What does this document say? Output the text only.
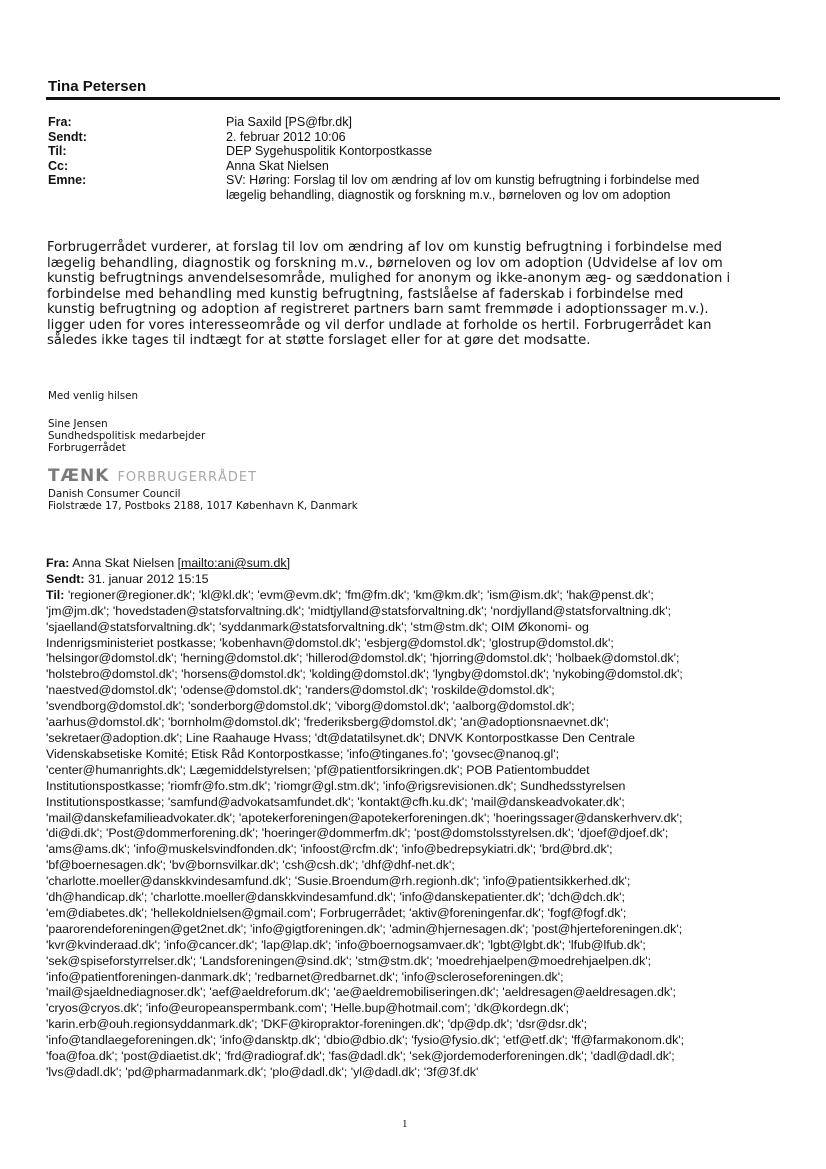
Tina Petersen
Fra:	Pia Saxild [PS@fbr.dk]
Sendt:	2. februar 2012 10:06
Til:	DEP Sygehuspolitik Kontorpostkasse
Cc:	Anna Skat Nielsen
Emne:	SV: Høring: Forslag til lov om ændring af lov om kunstig befrugtning i forbindelse med
lægelig behandling, diagnostik og forskning m.v., børneloven og lov om adoption
Forbrugerrådet vurderer, at forslag til lov om ændring af lov om kunstig befrugtning i forbindelse med
lægelig behandling, diagnostik og forskning m.v., børneloven og lov om adoption (Udvidelse af lov om
kunstig befrugtnings anvendelsesområde, mulighed for anonym og ikke-anonym æg- og sæddonation i
forbindelse med behandling med kunstig befrugtning, fastslåelse af faderskab i forbindelse med
kunstig befrugtning og adoption af registreret partners barn samt fremmøde i adoptionssager m.v.).
ligger uden for vores interesseområde og vil derfor undlade at forholde os hertil. Forbrugerrådet kan
således ikke tages til indtægt for at støtte forslaget eller for at gøre det modsatte.
Med venlig hilsen
Sine Jensen
Sundhedspolitisk medarbejder
Forbrugerrådet
TÆNK FORBRUGERRÅDET
Danish Consumer Council
Fiolstræde 17, Postboks 2188, 1017 København K, Danmark
Fra: Anna Skat Nielsen [mailto:ani@sum.dk]
Sendt: 31. januar 2012 15:15
Til: 'regioner@regioner.dk'; 'kl@kl.dk'; 'evm@evm.dk'; 'fm@fm.dk'; 'km@km.dk'; 'ism@ism.dk'; 'hak@penst.dk';
'jm@jm.dk'; 'hovedstaden@statsforvaltning.dk'; 'midtjylland@statsforvaltning.dk'; 'nordjylland@statsforvaltning.dk';
'sjaelland@statsforvaltning.dk'; 'syddanmark@statsforvaltning.dk'; 'stm@stm.dk'; OIM Økonomi- og
Indenrigsministeriet postkasse; 'kobenhavn@domstol.dk'; 'esbjerg@domstol.dk'; 'glostrup@domstol.dk';
'helsingor@domstol.dk'; 'herning@domstol.dk'; 'hillerod@domstol.dk'; 'hjorring@domstol.dk'; 'holbaek@domstol.dk';
'holstebro@domstol.dk'; 'horsens@domstol.dk'; 'kolding@domstol.dk'; 'lyngby@domstol.dk'; 'nykobing@domstol.dk';
'naestved@domstol.dk'; 'odense@domstol.dk'; 'randers@domstol.dk'; 'roskilde@domstol.dk';
'svendborg@domstol.dk'; 'sonderborg@domstol.dk'; 'viborg@domstol.dk'; 'aalborg@domstol.dk';
'aarhus@domstol.dk'; 'bornholm@domstol.dk'; 'frederiksberg@domstol.dk'; 'an@adoptionsnaevnet.dk';
'sekretaer@adoption.dk'; Line Raahauge Hvass; 'dt@datatilsynet.dk'; DNVK Kontorpostkasse Den Centrale
Videnskabsetiske Komité; Etisk Råd Kontorpostkasse; 'info@tinganes.fo'; 'govsec@nanoq.gl';
'center@humanrights.dk'; Lægemiddelstyrelsen; 'pf@patientforsikringen.dk'; POB Patientombuddet
Institutionspostkasse; 'riomfr@fo.stm.dk'; 'riomgr@gl.stm.dk'; 'info@rigsrevisionen.dk'; Sundhedsstyrelsen
Institutionspostkasse; 'samfund@advokatsamfundet.dk'; 'kontakt@cfh.ku.dk'; 'mail@danskeadvokater.dk';
'mail@danskefamilieadvokater.dk'; 'apotekerforeningen@apotekerforeningen.dk'; 'hoeringssager@danskerhverv.dk';
'di@di.dk'; 'Post@dommerforening.dk'; 'hoeringer@dommerfm.dk'; 'post@domstolsstyrelsen.dk'; 'djoef@djoef.dk';
'ams@ams.dk'; 'info@muskelsvindfonden.dk'; 'infoost@rcfm.dk'; 'info@bedrepsykiatri.dk'; 'brd@brd.dk';
'bf@boernesagen.dk'; 'bv@bornsvilkar.dk'; 'csh@csh.dk'; 'dhf@dhf-net.dk';
'charlotte.moeller@danskkvindesamfund.dk'; 'Susie.Broendum@rh.regionh.dk'; 'info@patientsikkerhed.dk';
'dh@handicap.dk'; 'charlotte.moeller@danskkvindesamfund.dk'; 'info@danskepatienter.dk'; 'dch@dch.dk';
'em@diabetes.dk'; 'hellekoldnielsen@gmail.com'; Forbrugerrådet; 'aktiv@foreningenfar.dk'; 'fogf@fogf.dk';
'paarorendeforeningen@get2net.dk'; 'info@gigtforeningen.dk'; 'admin@hjernesagen.dk'; 'post@hjerteforeningen.dk';
'kvr@kvinderaad.dk'; 'info@cancer.dk'; 'lap@lap.dk'; 'info@boernogsamvaer.dk'; 'lgbt@lgbt.dk'; 'lfub@lfub.dk';
'sek@spiseforstyrrelser.dk'; 'Landsforeningen@sind.dk'; 'stm@stm.dk'; 'moedrehjaelpen@moedrehjaelpen.dk';
'info@patientforeningen-danmark.dk'; 'redbarnet@redbarnet.dk'; 'info@scleroseforeningen.dk';
'mail@sjaeldnediagnoser.dk'; 'aef@aeldreforum.dk'; 'ae@aeldremobiliseringen.dk'; 'aeldresagen@aeldresagen.dk';
'cryos@cryos.dk'; 'info@europeanspermbank.com'; 'Helle.bup@hotmail.com'; 'dk@kordegn.dk';
'karin.erb@ouh.regionsyddanmark.dk'; 'DKF@kiropraktor-foreningen.dk'; 'dp@dp.dk'; 'dsr@dsr.dk';
'info@tandlaegeforeningen.dk'; 'info@dansktp.dk'; 'dbio@dbio.dk'; 'fysio@fysio.dk'; 'etf@etf.dk'; 'ff@farmakonom.dk';
'foa@foa.dk'; 'post@diaetist.dk'; 'frd@radiograf.dk'; 'fas@dadl.dk'; 'sek@jordemoderforeningen.dk'; 'dadl@dadl.dk';
'lvs@dadl.dk'; 'pd@pharmadanmark.dk'; 'plo@dadl.dk'; 'yl@dadl.dk'; '3f@3f.dk'
1
